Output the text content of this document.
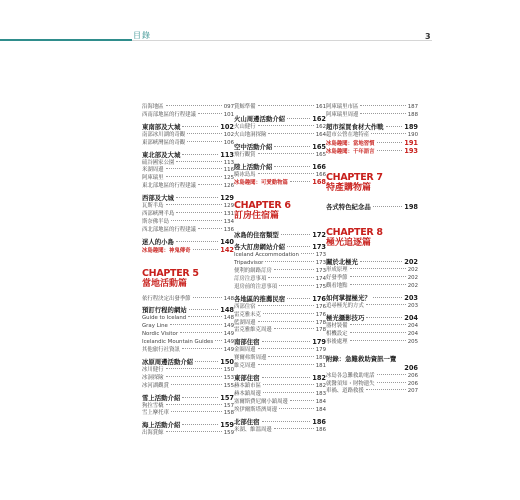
目錄	3
沿海地區	097
西南部地區的行程建議	101
東南部及大城	102
南部冰川湖的奇觀	102
東部峽灣區的奇觀	106
東北部及大城	113
硫谷國家公園	113
米湖周邊	116
阿庫瑞里	125
東北部地區的行程建議	126
西部及大城	129
瓦斯半島	129
西部峽灣半島	131
斯奈佛半島	134
西北部地區的行程建議	136
迷人的小島	140
冰島趣聞：神鬼傳奇	142
CHAPTER 5
當地活動篇
依行程決定出發季節	148
預訂行程的網站	148
Guide to Iceland	148
Gray Line	149
Nordic Visitor	149
Icelandic Mountain Guides 149
其他旅行社資訊	149
冰原周邊活動介紹	150
冰川健行	150
冰洞探險	153
冰河湖觀賞	155
雪上活動介紹	157
狗拉雪橇	157
雪上摩托車	158
海上活動介紹	159
出海賞鯨	159
賞鯨準備	161
火山周邊活動介紹	162
火山健行	162
火山地洞探險	164
空中活動介紹	165
飛行觀賞	165
陸上活動介紹	166
騎冰島馬	166
冰島趣聞：可愛動物篇	168
CHAPTER 6
訂房住宿篇
冰島的住宿類型	172
各大訂房網站介紹	173
Iceland Accommodation	173
Tripadvisor	173
便利的網路訂房	173
訂房注意事項	174
退房前的注意事項	175
各地區的推薦民宿	176
西部住宿	176
雷克雅未克	176
藍湖周邊	178
雷克雅維克周邊	178
南部住宿	179
金圈周邊	179
賽爾弗斯周邊	180
維克周邊	181
東部住宿	182
赫本鎮市區	182
赫本鎮周邊	183
塞爾斯費尼爾小鎮周邊	184
埃伊爾斯塔濟周邊	184
北部住宿	186
米湖、維溫周邊	186
阿庫瑞里市區	187
阿庫瑞里周邊	188
超市採買食材大作戰	189
超市公營在地特產	190
冰島趣聞：當地習慣	191
冰島趣聞：千年語言	193
CHAPTER 7
特產購物篇
各式特色紀念品	198
CHAPTER 8
極光追逐篇
關於北極光	202
形成原理	202
好發季節	202
觀看地點	202
如何掌握極光？	203
追尋極光的方式	203
極光攝影技巧	204
器材裝備	204
相機設定	204
事後處理	205
附錄：急難救助資訊一覽
206
冰島各急難救助電話	206
就醫須知・財物遺失	206
車禍、道路救援	207
